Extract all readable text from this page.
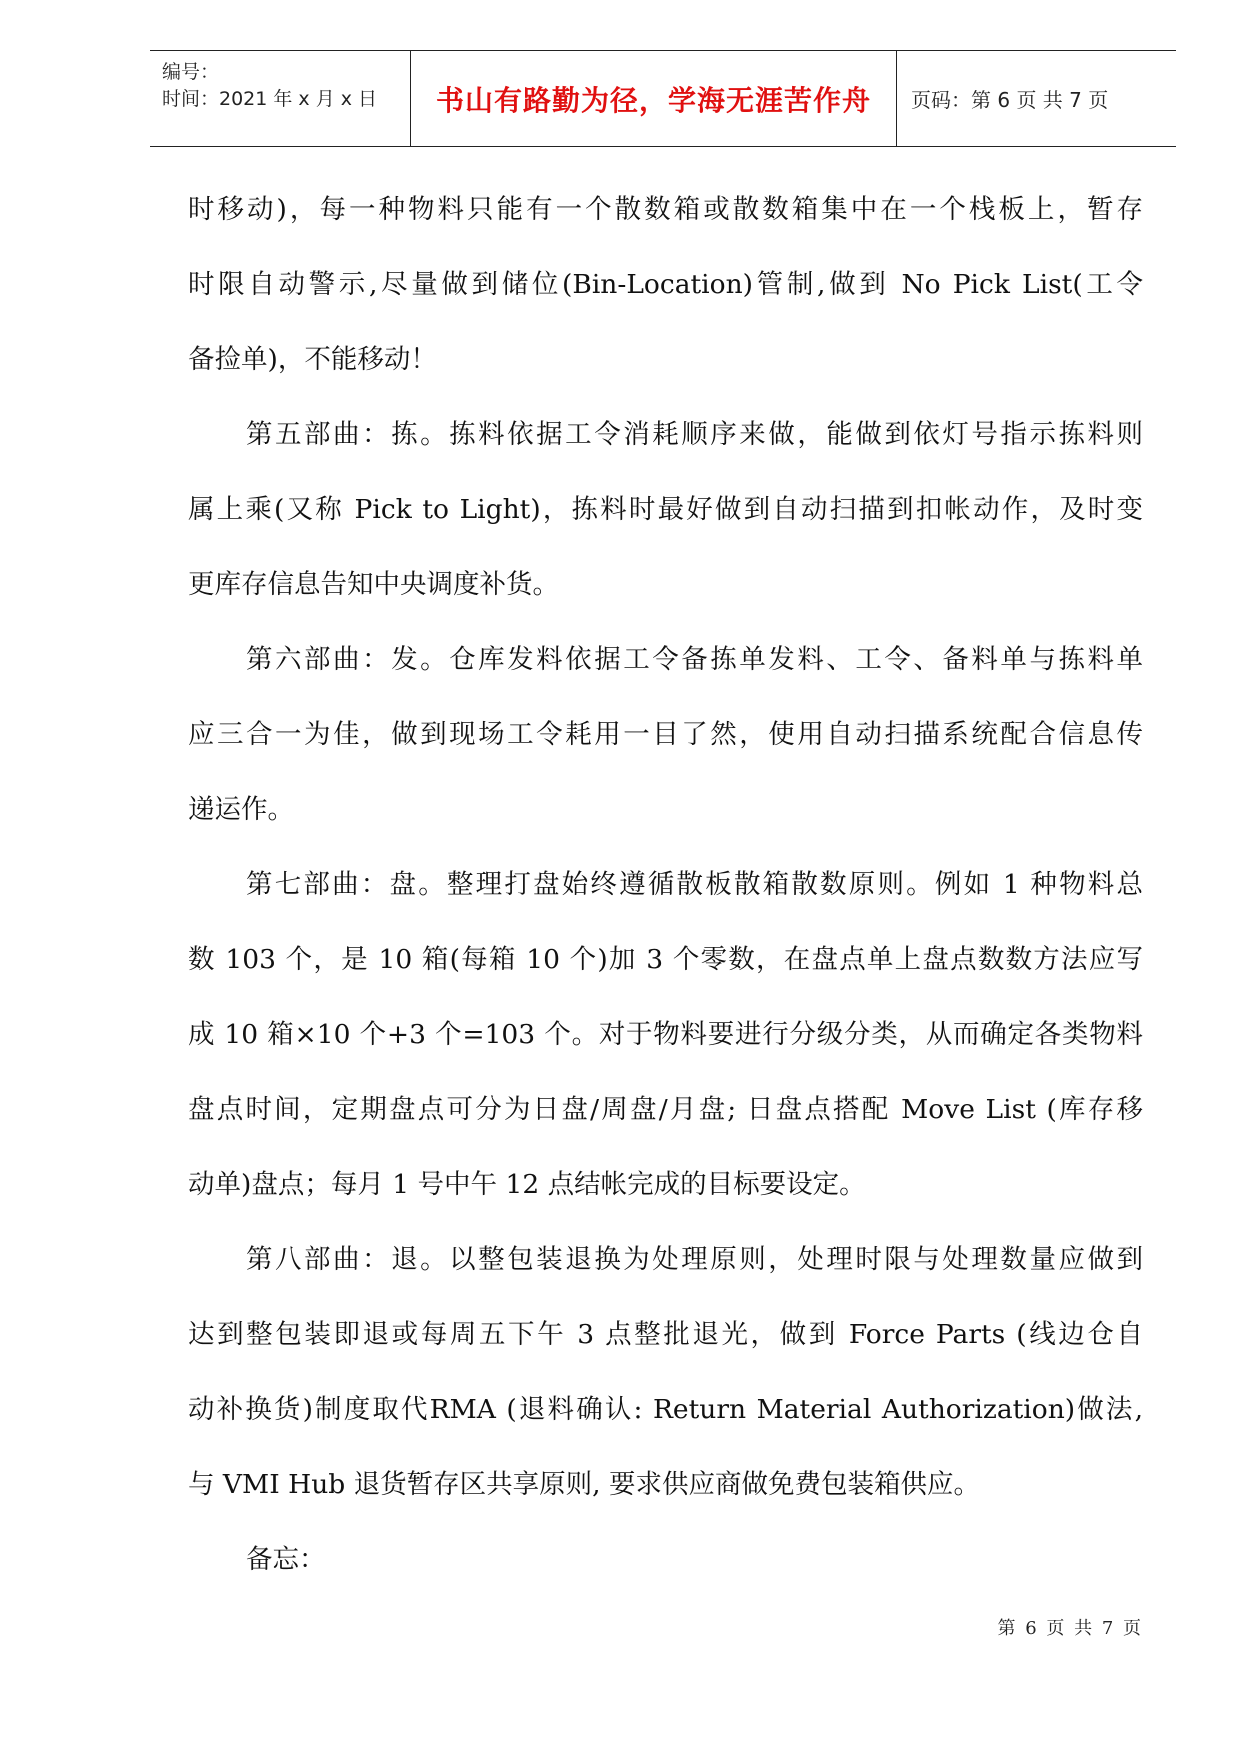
编号：
时间：2021 年 x 月 x 日 书山有路勤为径，学海无涯苦作舟 页码：第 6 页 共 7 页
时移动)，每一种物料只能有一个散数箱或散数箱集中在一个栈板上，暂存
时限自动警示,尽量做到储位(Bin-Location)管制,做到 No Pick List(工令
备捡单)，不能移动！
第五部曲：拣。拣料依据工令消耗顺序来做，能做到依灯号指示拣料则
属上乘(又称 Pick to Light)，拣料时最好做到自动扫描到扣帐动作，及时变
更库存信息告知中央调度补货。
第六部曲：发。仓库发料依据工令备拣单发料、工令、备料单与拣料单
应三合一为佳，做到现场工令耗用一目了然，使用自动扫描系统配合信息传
递运作。
第七部曲：盘。整理打盘始终遵循散板散箱散数原则。例如 1 种物料总
数 103 个，是 10 箱(每箱 10 个)加 3 个零数，在盘点单上盘点数数方法应写
成 10 箱×10 个+3 个=103 个。对于物料要进行分级分类，从而确定各类物料
盘点时间，定期盘点可分为日盘/周盘/月盘; 日盘点搭配 Move List (库存移
动单)盘点；每月 1 号中午 12 点结帐完成的目标要设定。
第八部曲：退。以整包装退换为处理原则，处理时限与处理数量应做到
达到整包装即退或每周五下午 3 点整批退光，做到 Force Parts (线边仓自
动补换货)制度取代RMA (退料确认: Return Material Authorization)做法,
与 VMI Hub 退货暂存区共享原则, 要求供应商做免费包装箱供应。
备忘：
第 6 页 共 7 页
